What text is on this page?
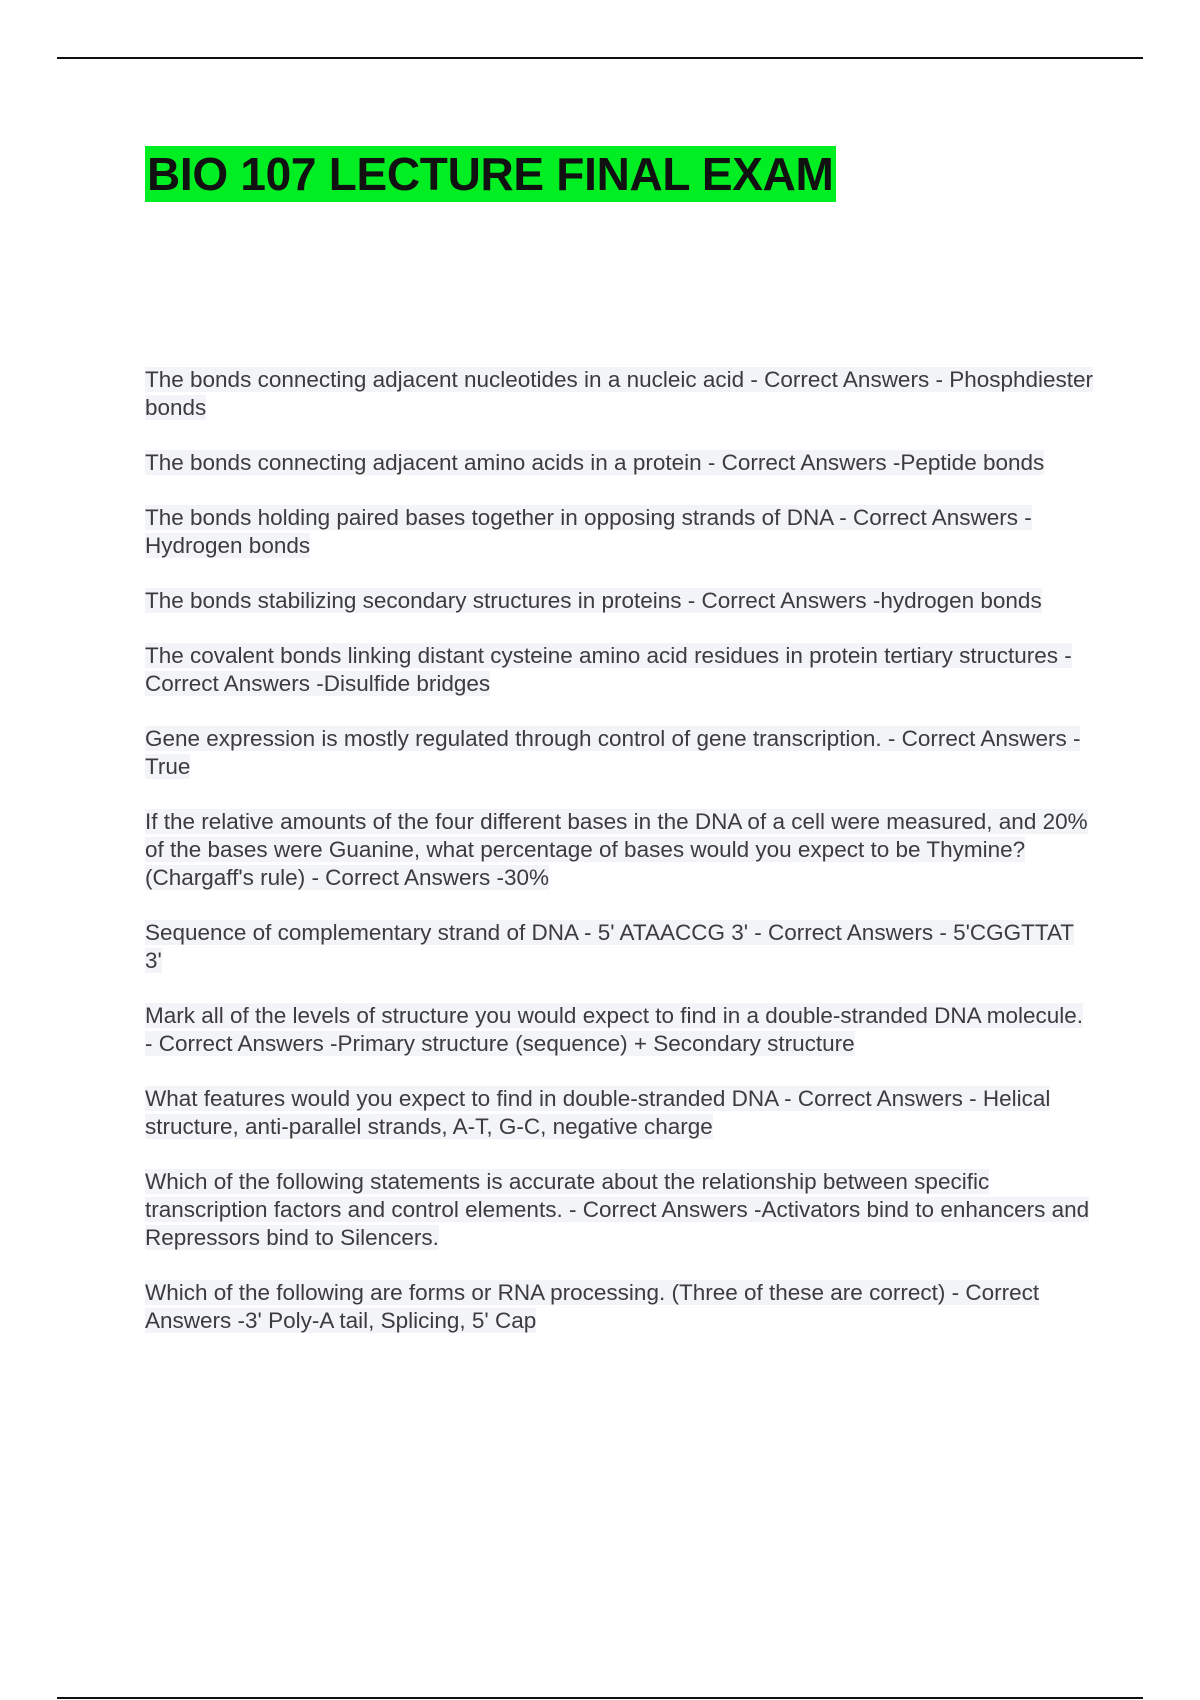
BIO 107 LECTURE FINAL EXAM
The bonds connecting adjacent nucleotides in a nucleic acid - Correct Answers - Phosphdiester bonds
The bonds connecting adjacent amino acids in a protein - Correct Answers -Peptide bonds
The bonds holding paired bases together in opposing strands of DNA - Correct Answers -Hydrogen bonds
The bonds stabilizing secondary structures in proteins - Correct Answers -hydrogen bonds
The covalent bonds linking distant cysteine amino acid residues in protein tertiary structures - Correct Answers -Disulfide bridges
Gene expression is mostly regulated through control of gene transcription. - Correct Answers -True
If the relative amounts of the four different bases in the DNA of a cell were measured, and 20% of the bases were Guanine, what percentage of bases would you expect to be Thymine? (Chargaff's rule) - Correct Answers -30%
Sequence of complementary strand of DNA - 5' ATAACCG 3' - Correct Answers - 5'CGGTTAT 3'
Mark all of the levels of structure you would expect to find in a double-stranded DNA molecule. - Correct Answers -Primary structure (sequence) + Secondary structure
What features would you expect to find in double-stranded DNA - Correct Answers - Helical structure, anti-parallel strands, A-T, G-C, negative charge
Which of the following statements is accurate about the relationship between specific transcription factors and control elements. - Correct Answers -Activators bind to enhancers and Repressors bind to Silencers.
Which of the following are forms or RNA processing. (Three of these are correct) - Correct Answers -3' Poly-A tail, Splicing, 5' Cap
